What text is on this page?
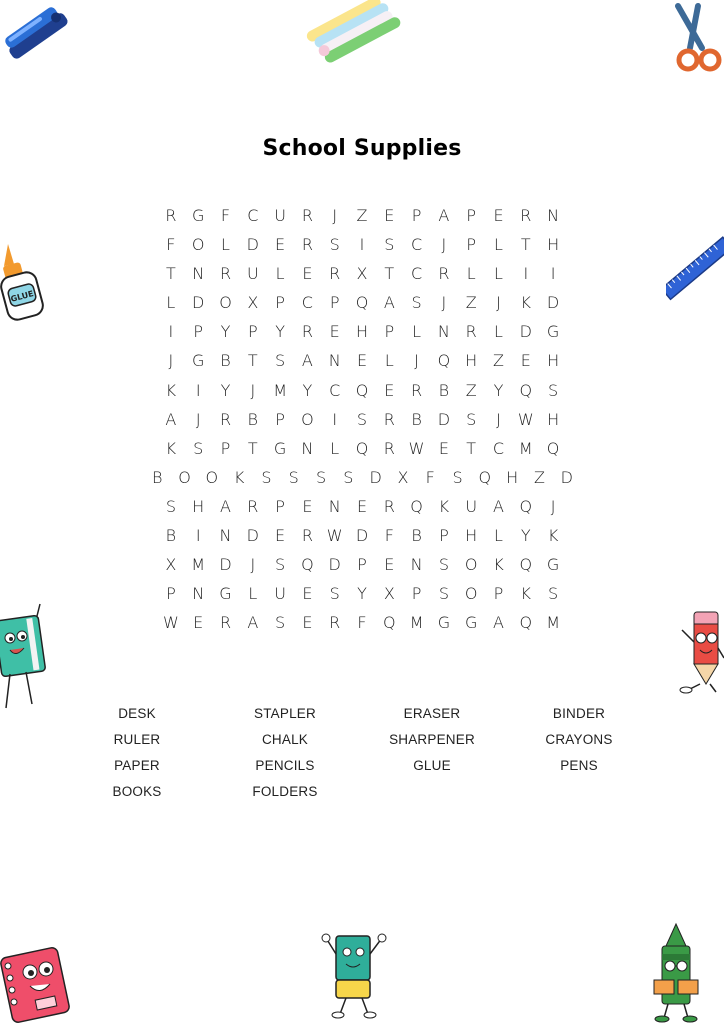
School Supplies
R G	F	C U R	J	Z	E	P	A	P	E	R N
F	O	L	D	E	R	S	I	S	C	J	P	L	T	H
T	N R U	L	E	R X	T	C R	L	L	I	I
L	D O X	P	C	P	Q A	S	J	Z	J	K D
I	P	Y	P	Y	R	E	H	P	L	N R	L	D G
J	G B	T	S	A N	E	L	J	Q H Z	E	H
K	I	Y	J	M Y	C Q E	R B Z	Y	Q S
A	J	R B	P	O	I	S	R B D	S	J	W H
K	S	P	T	G N	L	Q R W E	T	C M Q
B O O K	S	S	S	S	D X	F	S Q H Z D
S	H A R	P	E	N	E	R Q K U A Q	J
B	I	N D	E	R W D	F	B	P	H	L	Y	K
X M D	J	S Q D	P	E	N	S O K Q G
P	N G	L	U	E	S	Y	X	P	S O	P	K	S
W E	R A	S	E	R	F	Q M G G A Q M
DESK	STAPLER	ERASER	BINDER
RULER	CHALK	SHARPENER	CRAYONS
PAPER	PENCILS	GLUE	PENS
BOOKS	FOLDERS
GLUE
